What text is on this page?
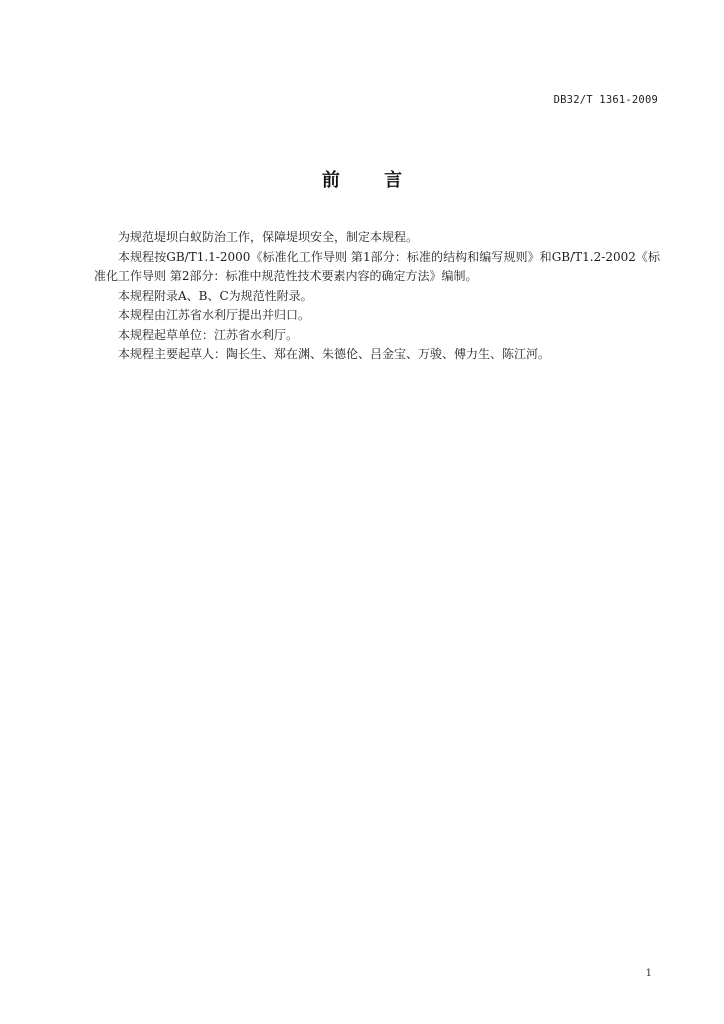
DB32/T 1361-2009
前 言

为规范堤坝白蚁防治工作，保障堤坝安全，制定本规程。

本规程按GB/T1.1-2000《标准化工作导则 第1部分：标准的结构和编写规则》和GB/T1.2-2002《标准化工作导则 第2部分：标准中规范性技术要素内容的确定方法》编制。

本规程附录A、B、C为规范性附录。

本规程由江苏省水利厅提出并归口。

本规程起草单位：江苏省水利厅。

本规程主要起草人：陶长生、郑在渊、朱德伦、吕金宝、万骏、傅力生、陈江河。

1
